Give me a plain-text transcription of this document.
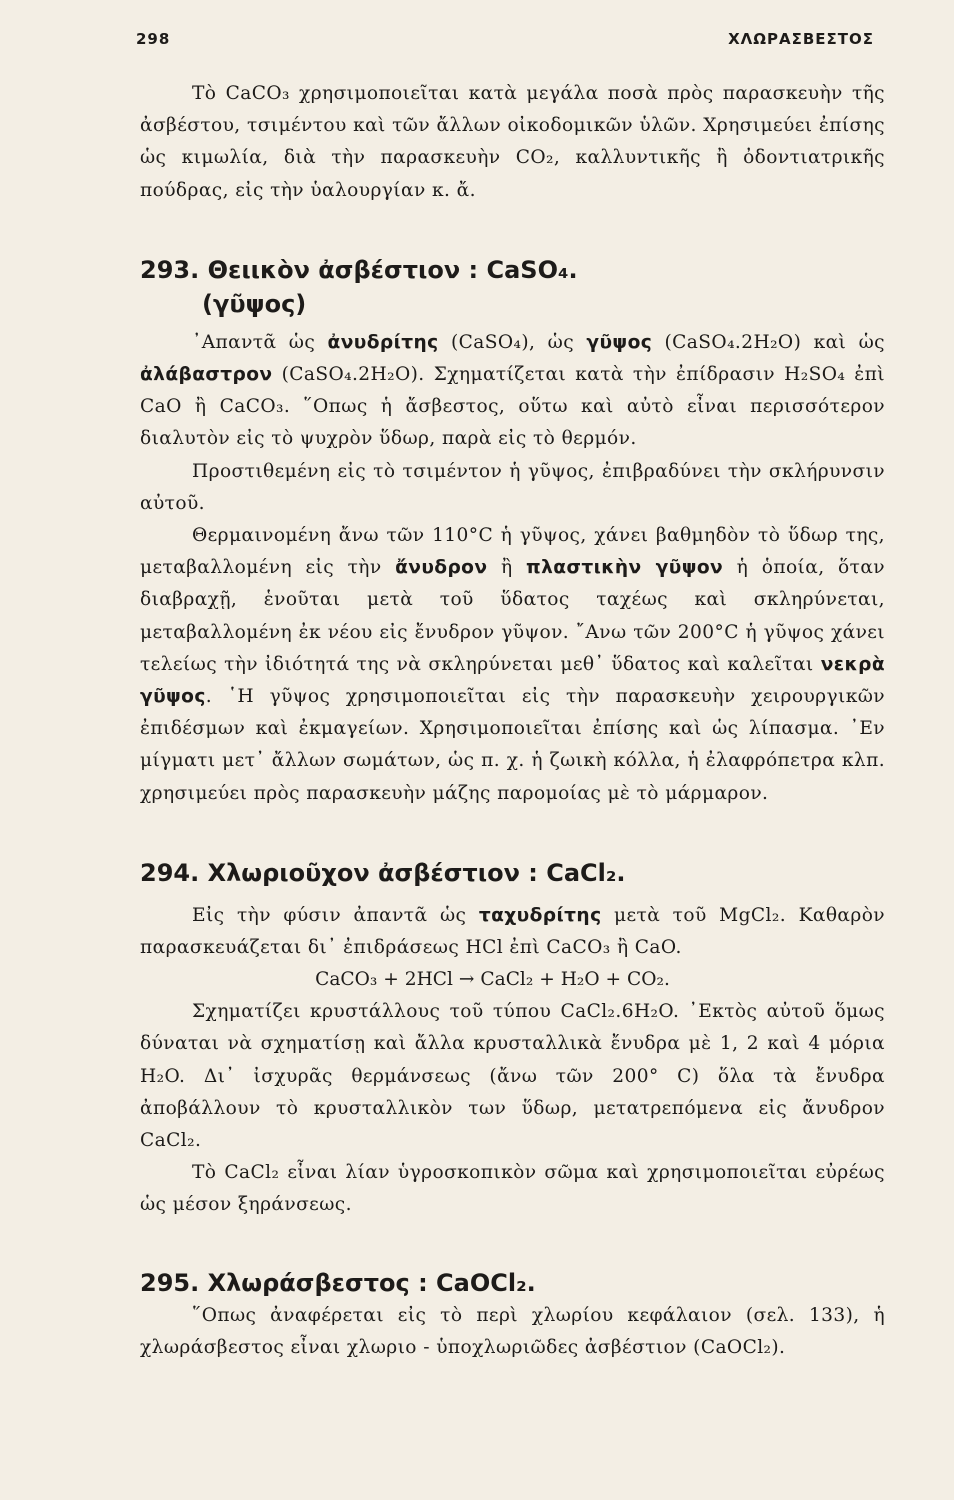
298	ΧΛΩΡΑΣΒΕΣΤΟΣ

Τὸ CaCO₃ χρησιμοποιεῖται κατὰ μεγάλα ποσὰ πρὸς παρασκευὴν τῆς ἀσβέστου, τσιμέντου καὶ τῶν ἄλλων οἰκοδομικῶν ὑλῶν. Χρησιμεύει ἐπίσης ὡς κιμωλία, διὰ τὴν παρασκευὴν CO₂, καλλυντικῆς ἢ ὀδοντιατρικῆς πούδρας, εἰς τὴν ὑαλουργίαν κ. ἄ.

293. Θειικὸν ἀσβέστιον : CaSO₄.
(γῦψος)

᾿Απαντᾶ ὡς ἀνυδρίτης (CaSO₄), ὡς γῦψος (CaSO₄.2H₂O) καὶ ὡς ἀλάβαστρον (CaSO₄.2H₂O). Σχηματίζεται κατὰ τὴν ἐπίδρασιν H₂SO₄ ἐπὶ CaO ἢ CaCO₃. ῞Οπως ἡ ἄσβεστος, οὕτω καὶ αὐτὸ εἶναι περισσότερον διαλυτὸν εἰς τὸ ψυχρὸν ὕδωρ, παρὰ εἰς τὸ θερμόν.

Προστιθεμένη εἰς τὸ τσιμέντον ἡ γῦψος, ἐπιβραδύνει τὴν σκλήρυνσιν αὐτοῦ.

Θερμαινομένη ἄνω τῶν 110°C ἡ γῦψος, χάνει βαθμηδὸν τὸ ὕδωρ της, μεταβαλλομένη εἰς τὴν ἄνυδρον ἢ πλαστικὴν γῦψον ἡ ὁποία, ὅταν διαβραχῇ, ἑνοῦται μετὰ τοῦ ὕδατος ταχέως καὶ σκληρύνεται, μεταβαλλομένη ἐκ νέου εἰς ἔνυδρον γῦψον. ῎Ανω τῶν 200°C ἡ γῦψος χάνει τελείως τὴν ἰδιότητά της νὰ σκληρύνεται μεθ᾿ ὕδατος καὶ καλεῖται νεκρὰ γῦψος. ῾Η γῦψος χρησιμοποιεῖται εἰς τὴν παρασκευὴν χειρουργικῶν ἐπιδέσμων καὶ ἐκμαγείων. Χρησιμοποιεῖται ἐπίσης καὶ ὡς λίπασμα. ᾿Εν μίγματι μετ᾿ ἄλλων σωμάτων, ὡς π. χ. ἡ ζωικὴ κόλλα, ἡ ἐλαφρόπετρα κλπ. χρησιμεύει πρὸς παρασκευὴν μάζης παρομοίας μὲ τὸ μάρμαρον.

294. Χλωριοῦχον ἀσβέστιον : CaCl₂.

Εἰς τὴν φύσιν ἀπαντᾶ ὡς ταχυδρίτης μετὰ τοῦ MgCl₂. Καθαρὸν παρασκευάζεται δι᾿ ἐπιδράσεως HCl ἐπὶ CaCO₃ ἢ CaO.

CaCO₃ + 2HCl → CaCl₂ + H₂O + CO₂.

Σχηματίζει κρυστάλλους τοῦ τύπου CaCl₂.6H₂O. ᾿Εκτὸς αὐτοῦ ὅμως δύναται νὰ σχηματίσῃ καὶ ἄλλα κρυσταλλικὰ ἔνυδρα μὲ 1, 2 καὶ 4 μόρια H₂O. Δι᾿ ἰσχυρᾶς θερμάνσεως (ἄνω τῶν 200° C) ὅλα τὰ ἔνυδρα ἀποβάλλουν τὸ κρυσταλλικὸν των ὕδωρ, μετατρεπόμενα εἰς ἄνυδρον CaCl₂.

Τὸ CaCl₂ εἶναι λίαν ὑγροσκοπικὸν σῶμα καὶ χρησιμοποιεῖται εὐρέως ὡς μέσον ξηράνσεως.

295. Χλωράσβεστος : CaOCl₂.

῞Οπως ἀναφέρεται εἰς τὸ περὶ χλωρίου κεφάλαιον (σελ. 133), ἡ χλωράσβεστος εἶναι χλωριο - ὑποχλωριῶδες ἀσβέστιον (CaOCl₂).
